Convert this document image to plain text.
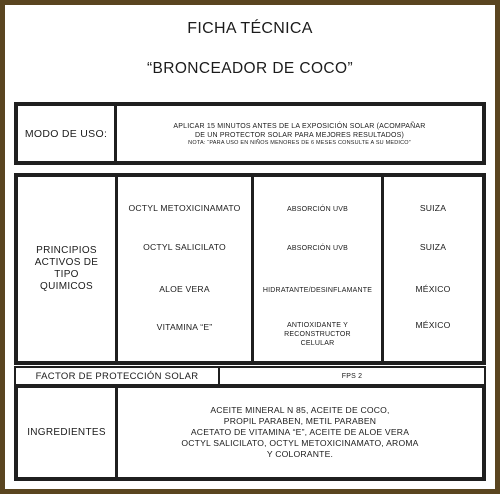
FICHA TÉCNICA
“BRONCEADOR DE COCO”
MODO DE USO:
APLICAR 15 MINUTOS ANTES DE LA EXPOSICIÓN SOLAR (ACOMPAÑAR
DE UN PROTECTOR SOLAR PARA MEJORES RESULTADOS)
NOTA: “PARA USO EN NIÑOS MENORES DE 6 MESES CONSULTE A SU MEDICO”
PRINCIPIOS
ACTIVOS DE
TIPO
QUIMICOS
OCTYL METOXICINAMATO
OCTYL SALICILATO
ALOE VERA
VITAMINA “E”
ABSORCIÓN UVB
ABSORCIÓN UVB
HIDRATANTE/DESINFLAMANTE
ANTIOXIDANTE Y RECONSTRUCTOR
CELULAR
SUIZA
SUIZA
MÉXICO
MÉXICO
FACTOR DE PROTECCIÓN SOLAR	FPS 2
INGREDIENTES
ACEITE MINERAL N 85, ACEITE DE COCO,
PROPIL PARABEN, METIL PARABEN
ACETATO DE VITAMINA “E”, ACEITE DE ALOE VERA
OCTYL SALICILATO, OCTYL METOXICINAMATO, AROMA
Y COLORANTE.
